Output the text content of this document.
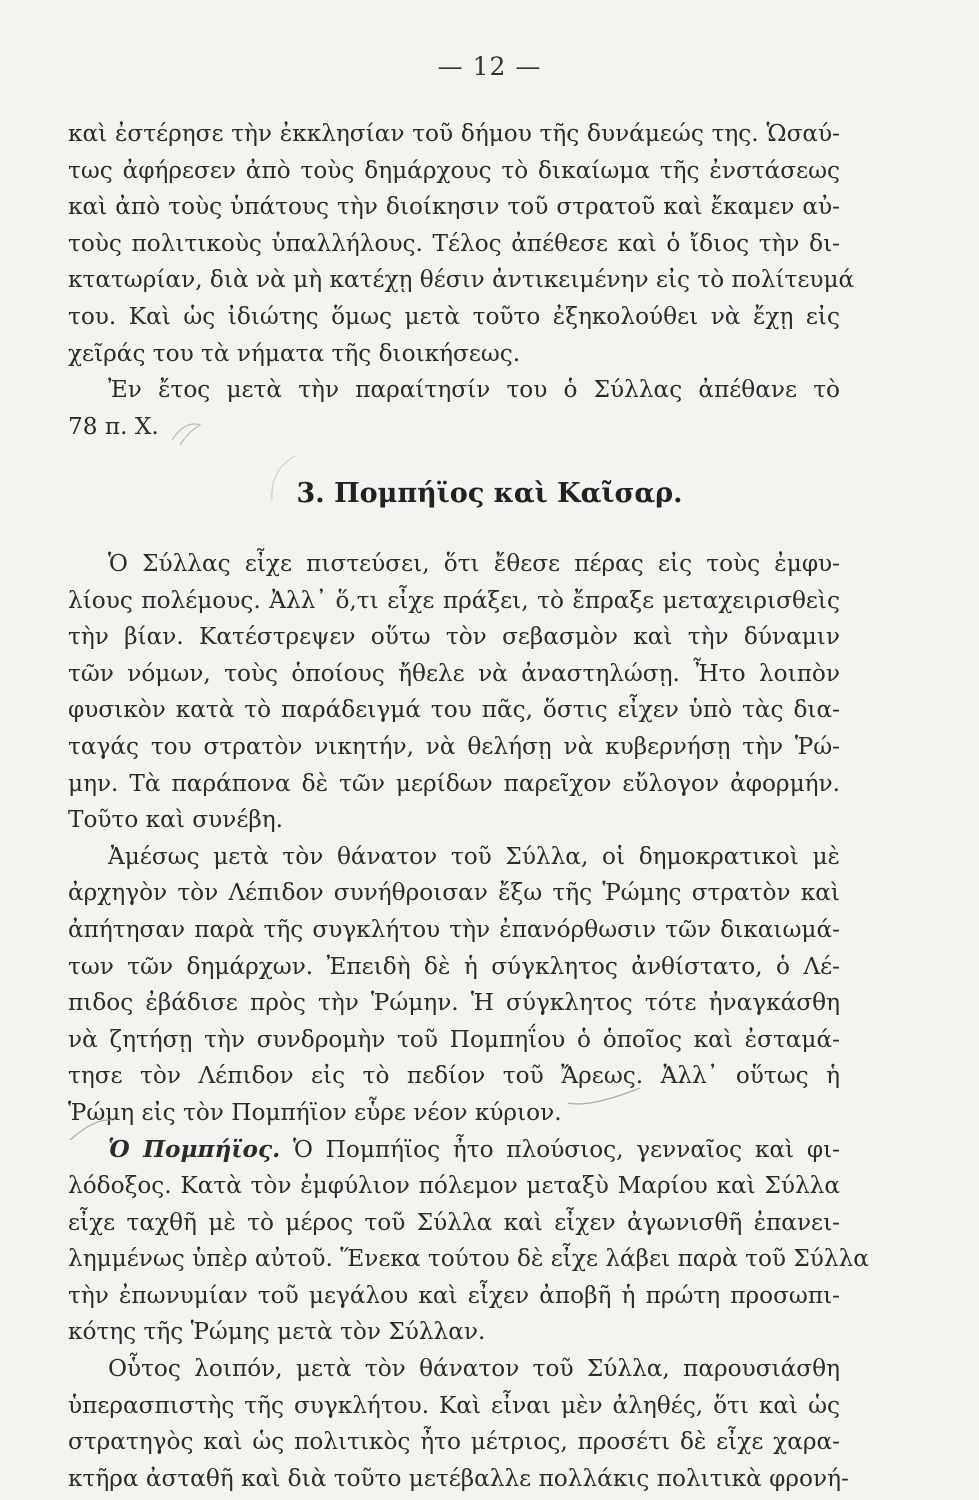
— 12 —
καὶ ἐστέρησε τὴν ἐκκλησίαν τοῦ δήμου τῆς δυνάμεώς της. Ὡσαύ-
τως ἀφήρεσεν ἀπὸ τοὺς δημάρχους τὸ δικαίωμα τῆς ἐνστάσεως
καὶ ἀπὸ τοὺς ὑπάτους τὴν διοίκησιν τοῦ στρατοῦ καὶ ἔκαμεν αὐ-
τοὺς πολιτικοὺς ὑπαλλήλους. Τέλος ἀπέθεσε καὶ ὁ ἴδιος τὴν δι-
κτατωρίαν, διὰ νὰ μὴ κατέχῃ θέσιν ἀντικειμένην εἰς τὸ πολίτευμά
του. Καὶ ὡς ἰδιώτης ὅμως μετὰ τοῦτο ἐξηκολούθει νὰ ἔχῃ εἰς
χεῖράς του τὰ νήματα τῆς διοικήσεως.
Ἐν ἔτος μετὰ τὴν παραίτησίν του ὁ Σύλλας ἀπέθανε τὸ
78 π. Χ.
3. Πομπήϊος καὶ Καῖσαρ.
Ὁ Σύλλας εἶχε πιστεύσει, ὅτι ἔθεσε πέρας εἰς τοὺς ἐμφυ-
λίους πολέμους. Ἀλλ᾽ ὅ,τι εἶχε πράξει, τὸ ἔπραξε μεταχειρισθεὶς
τὴν βίαν. Κατέστρεψεν οὕτω τὸν σεβασμὸν καὶ τὴν δύναμιν
τῶν νόμων, τοὺς ὁποίους ἤθελε νὰ ἀναστηλώσῃ. Ἦτο λοιπὸν
φυσικὸν κατὰ τὸ παράδειγμά του πᾶς, ὅστις εἶχεν ὑπὸ τὰς δια-
ταγάς του στρατὸν νικητήν, νὰ θελήσῃ νὰ κυβερνήσῃ τὴν Ῥώ-
μην. Τὰ παράπονα δὲ τῶν μερίδων παρεῖχον εὔλογον ἀφορμήν.
Τοῦτο καὶ συνέβη.
Ἀμέσως μετὰ τὸν θάνατον τοῦ Σύλλα, οἱ δημοκρατικοὶ μὲ
ἀρχηγὸν τὸν Λέπιδον συνήθροισαν ἔξω τῆς Ῥώμης στρατὸν καὶ
ἀπήτησαν παρὰ τῆς συγκλήτου τὴν ἐπανόρθωσιν τῶν δικαιωμά-
των τῶν δημάρχων. Ἐπειδὴ δὲ ἡ σύγκλητος ἀνθίστατο, ὁ Λέ-
πιδος ἐβάδισε πρὸς τὴν Ῥώμην. Ἡ σύγκλητος τότε ἠναγκάσθη
νὰ ζητήσῃ τὴν συνδρομὴν τοῦ Πομπηΐου ὁ ὁποῖος καὶ ἐσταμά-
τησε τὸν Λέπιδον εἰς τὸ πεδίον τοῦ Ἄρεως. Ἀλλ᾽ οὕτως ἡ
Ῥώμη εἰς τὸν Πομπήϊον εὗρε νέον κύριον.
Ὁ Πομπήϊος. Ὁ Πομπήϊος ἦτο πλούσιος, γενναῖος καὶ φι-
λόδοξος. Κατὰ τὸν ἐμφύλιον πόλεμον μεταξὺ Μαρίου καὶ Σύλλα
εἶχε ταχθῆ μὲ τὸ μέρος τοῦ Σύλλα καὶ εἶχεν ἀγωνισθῆ ἐπανει-
λημμένως ὑπὲρ αὐτοῦ. Ἕνεκα τούτου δὲ εἶχε λάβει παρὰ τοῦ Σύλλα
τὴν ἐπωνυμίαν τοῦ μεγάλου καὶ εἶχεν ἀποβῆ ἡ πρώτη προσωπι-
κότης τῆς Ῥώμης μετὰ τὸν Σύλλαν.
Οὗτος λοιπόν, μετὰ τὸν θάνατον τοῦ Σύλλα, παρουσιάσθη
ὑπερασπιστὴς τῆς συγκλήτου. Καὶ εἶναι μὲν ἀληθές, ὅτι καὶ ὡς
στρατηγὸς καὶ ὡς πολιτικὸς ἦτο μέτριος, προσέτι δὲ εἶχε χαρα-
κτῆρα ἀσταθῆ καὶ διὰ τοῦτο μετέβαλλε πολλάκις πολιτικὰ φρονή-
